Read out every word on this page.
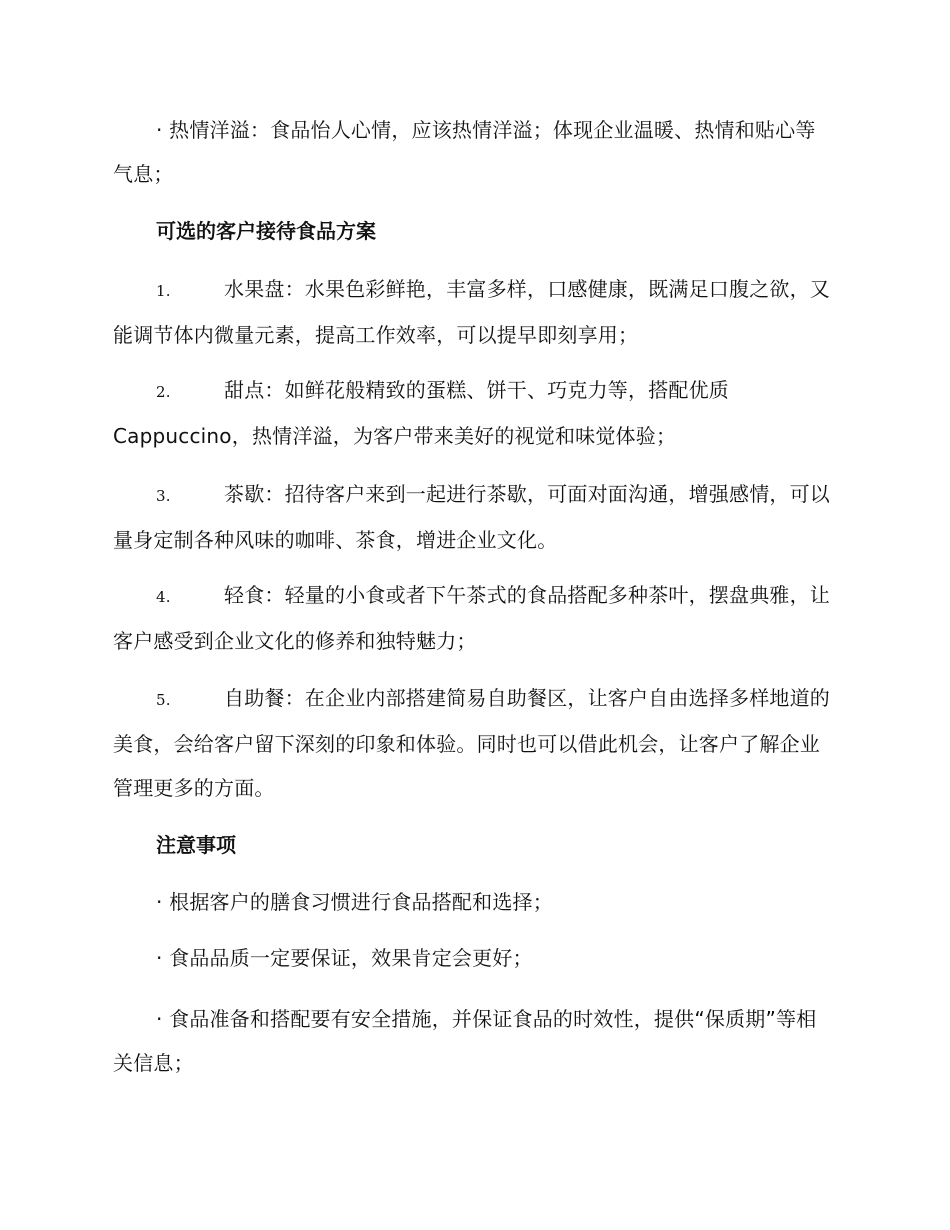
· 热情洋溢：食品怡人心情，应该热情洋溢；体现企业温暖、热情和贴心等气息；

可选的客户接待食品方案

1.	水果盘：水果色彩鲜艳，丰富多样，口感健康，既满足口腹之欲，又能调节体内微量元素，提高工作效率，可以提早即刻享用；

2.	甜点：如鲜花般精致的蛋糕、饼干、巧克力等，搭配优质Cappuccino，热情洋溢，为客户带来美好的视觉和味觉体验；

3.	茶歇：招待客户来到一起进行茶歇，可面对面沟通，增强感情，可以量身定制各种风味的咖啡、茶食，增进企业文化。

4.	轻食：轻量的小食或者下午茶式的食品搭配多种茶叶，摆盘典雅，让客户感受到企业文化的修养和独特魅力；

5.	自助餐：在企业内部搭建简易自助餐区，让客户自由选择多样地道的美食，会给客户留下深刻的印象和体验。同时也可以借此机会，让客户了解企业管理更多的方面。

注意事项

· 根据客户的膳食习惯进行食品搭配和选择；

· 食品品质一定要保证，效果肯定会更好；

· 食品准备和搭配要有安全措施，并保证食品的时效性，提供“保质期”等相关信息；
